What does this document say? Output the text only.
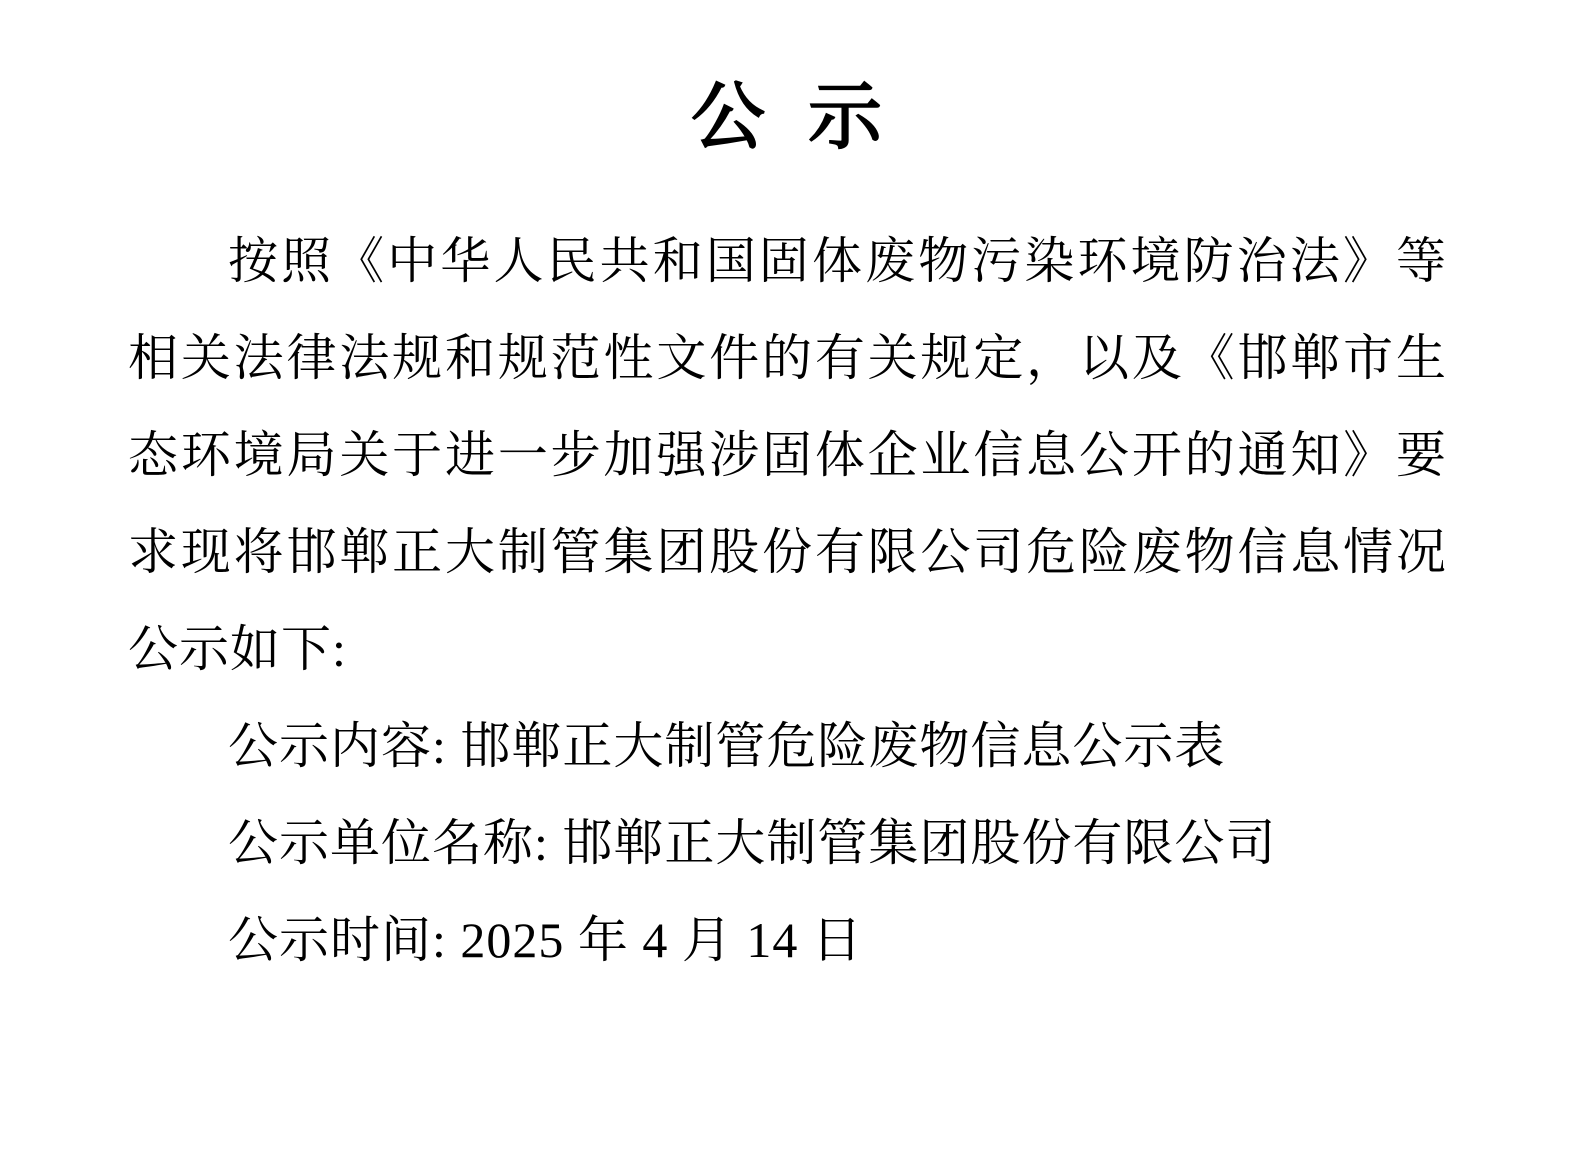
公  示

按照《中华人民共和国固体废物污染环境防治法》等相关法律法规和规范性文件的有关规定，以及《邯郸市生态环境局关于进一步加强涉固体企业信息公开的通知》要求现将邯郸正大制管集团股份有限公司危险废物信息情况公示如下:

公示内容: 邯郸正大制管危险废物信息公示表

公示单位名称: 邯郸正大制管集团股份有限公司

公示时间: 2025 年 4 月 14 日
